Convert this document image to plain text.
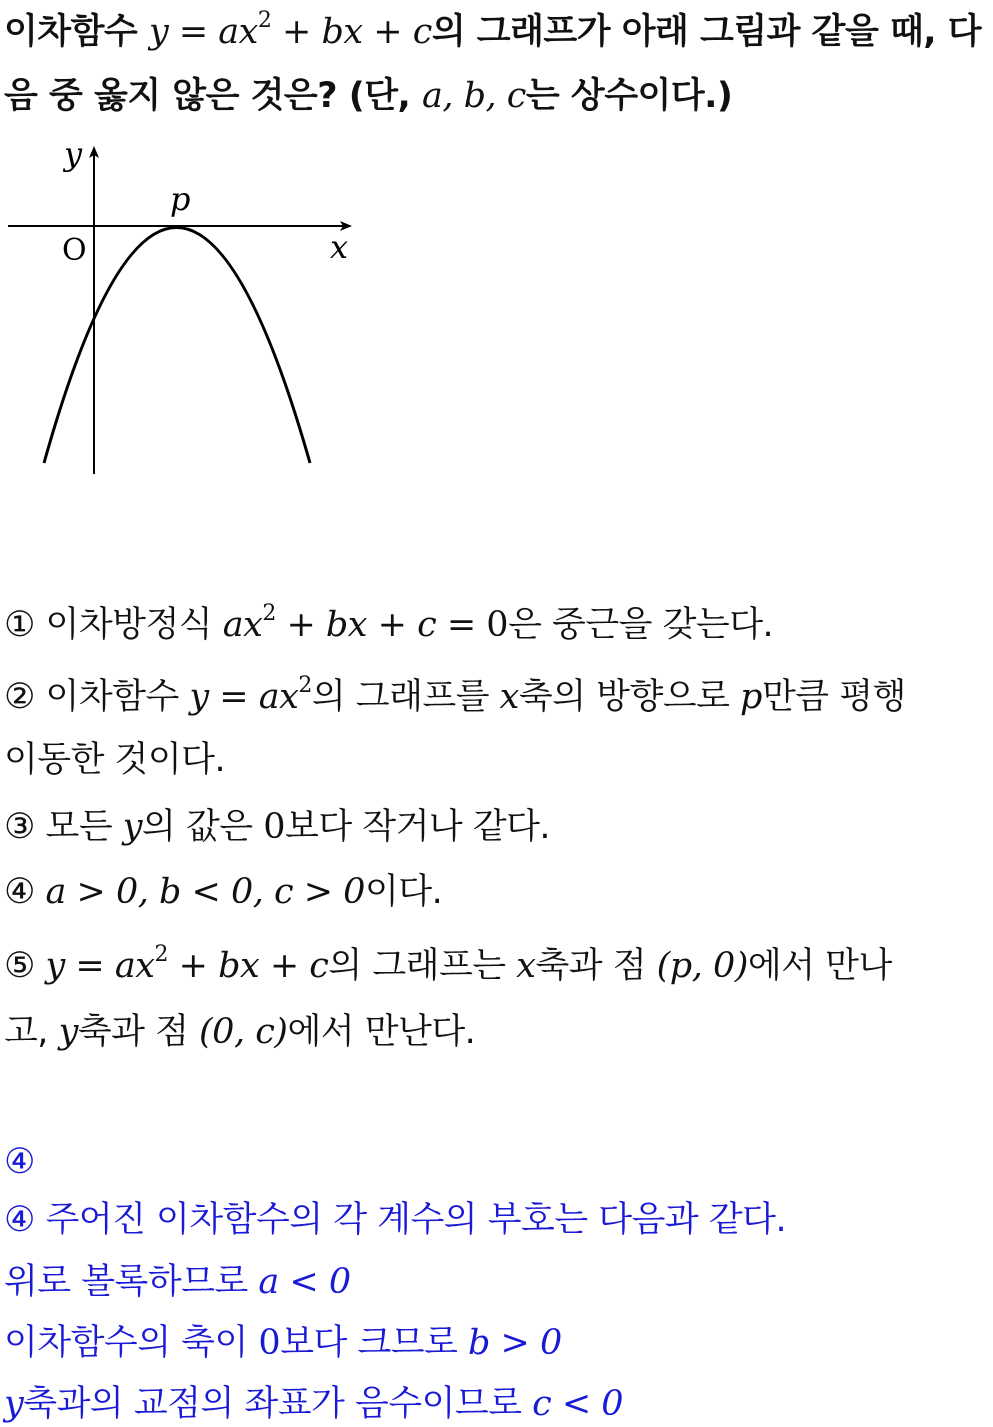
이차함수 $y = ax^2$ + bx + c의 그래프가 아래 그림과 같을 때, 다
음 중 옳지 않은 것은? (단, a, b, c는 상수이다.)
y
p
O	x
① 이차방정식 $ax^2$ + bx + c = 0은 중근을 갖는다.
② 이차함수 $y = ax^2$의 그래프를 x축의 방향으로 p만큼 평행
이동한 것이다.
③ 모든 y의 값은 0보다 작거나 같다.
④ a > 0, b < 0, c > 0이다.
⑤ $y = ax^2$ + bx + c의 그래프는 x축과 점 (p, 0)에서 만나
고, y축과 점 (0, c)에서 만난다.
④
④ 주어진 이차함수의 각 계수의 부호는 다음과 같다.
위로 볼록하므로 a < 0
이차함수의 축이 0보다 크므로 b > 0
y축과의 교점의 좌표가 음수이므로 c < 0
